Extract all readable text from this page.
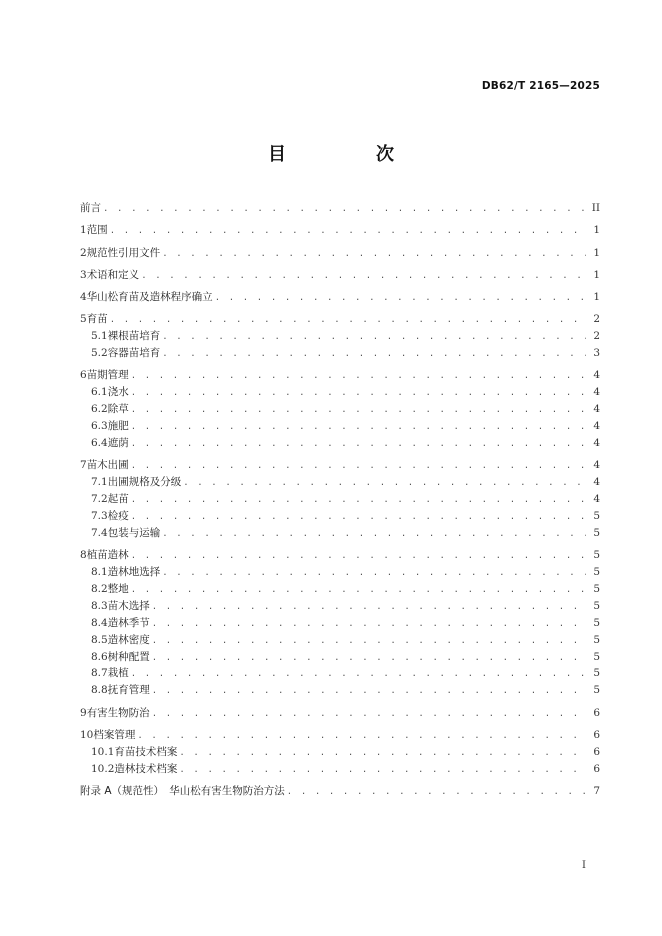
DB62/T 2165—2025
目　次
前言 . . .	II
1 范围 . . .	1
2 规范性引用文件 . . .	1
3 术语和定义 . . .	1
4 华山松育苗及造林程序确立 . . .	1
5 育苗 . . .	2
5.1 裸根苗培育 . . .	2
5.2 容器苗培育 . . .	3
6 苗期管理 . . .	4
6.1 浇水 . . .	4
6.2 除草 . . .	4
6.3 施肥 . . .	4
6.4 遮荫 . . .	4
7 苗木出圃 . . .	4
7.1 出圃规格及分级 . . .	4
7.2 起苗 . . .	4
7.3 检疫 . . .	5
7.4 包装与运输 . . .	5
8 植苗造林 . . .	5
8.1 造林地选择 . . .	5
8.2 整地 . . .	5
8.3 苗木选择 . . .	5
8.4 造林季节 . . .	5
8.5 造林密度 . . .	5
8.6 树种配置 . . .	5
8.7 栽植 . . .	5
8.8 抚育管理 . . .	5
9 有害生物防治 . . .	6
10 档案管理 . . .	6
10.1 育苗技术档案 . . .	6
10.2 造林技术档案 . . .	6
附录 A（规范性）　华山松有害生物防治方法 . . .	7
I
